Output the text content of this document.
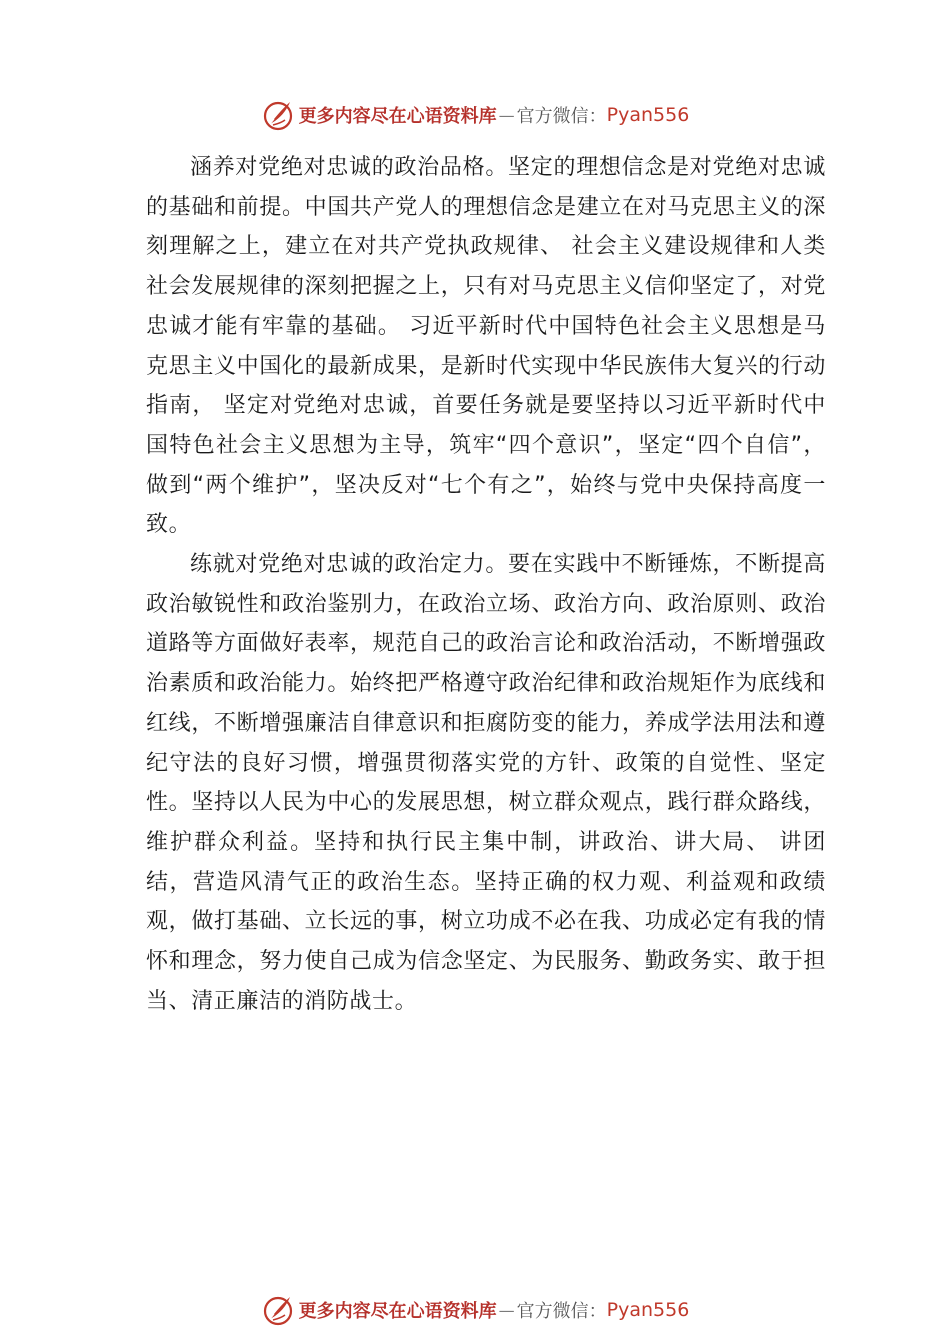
更多内容尽在心语资料库 — 官方微信： Pyan556

涵养对党绝对忠诚的政治品格。坚定的理想信念是对党绝对忠诚的基础和前提。中国共产党人的理想信念是建立在对马克思主义的深刻理解之上，建立在对共产党执政规律、 社会主义建设规律和人类社会发展规律的深刻把握之上，只有对马克思主义信仰坚定了，对党忠诚才能有牢靠的基础。 习近平新时代中国特色社会主义思想是马克思主义中国化的最新成果，是新时代实现中华民族伟大复兴的行动指南， 坚定对党绝对忠诚，首要任务就是要坚持以习近平新时代中国特色社会主义思想为主导，筑牢“四个意识”，坚定“四个自信”，做到“两个维护”，坚决反对“七个有之”，始终与党中央保持高度一致。

练就对党绝对忠诚的政治定力。要在实践中不断锤炼，不断提高政治敏锐性和政治鉴别力，在政治立场、政治方向、政治原则、政治道路等方面做好表率，规范自己的政治言论和政治活动，不断增强政治素质和政治能力。始终把严格遵守政治纪律和政治规矩作为底线和红线，不断增强廉洁自律意识和拒腐防变的能力，养成学法用法和遵纪守法的良好习惯，增强贯彻落实党的方针、政策的自觉性、坚定性。坚持以人民为中心的发展思想，树立群众观点，践行群众路线， 维护群众利益。坚持和执行民主集中制，讲政治、讲大局、 讲团结，营造风清气正的政治生态。坚持正确的权力观、利益观和政绩观，做打基础、立长远的事，树立功成不必在我、功成必定有我的情怀和理念，努力使自己成为信念坚定、为民服务、勤政务实、敢于担当、清正廉洁的消防战士。

更多内容尽在心语资料库 — 官方微信： Pyan556
